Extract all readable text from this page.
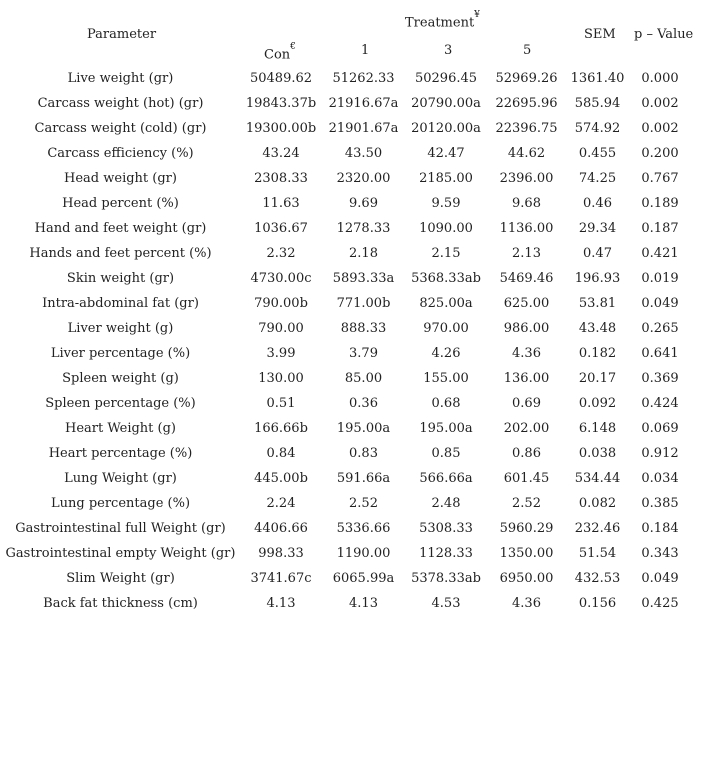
Parameter
Treatment¥
Con€	1	3	5
SEM p – Value
Live weight (gr)	50489.62	51262.33	50296.45	52969.26	1361.40	0.000
Carcass weight (hot) (gr)	19843.37b	21916.67a	20790.00a	22695.96	585.94	0.002
Carcass weight (cold) (gr)	19300.00b	21901.67a	20120.00a	22396.75	574.92	0.002
Carcass efficiency (%)	43.24	43.50	42.47	44.62	0.455	0.200
Head weight (gr)	2308.33	2320.00	2185.00	2396.00	74.25	0.767
Head percent (%)	11.63	9.69	9.59	9.68	0.46	0.189
Hand and feet weight (gr)	1036.67	1278.33	1090.00	1136.00	29.34	0.187
Hands and feet percent (%)	2.32	2.18	2.15	2.13	0.47	0.421
Skin weight (gr)	4730.00c	5893.33a	5368.33ab	5469.46	196.93	0.019
Intra-abdominal fat (gr)	790.00b	771.00b	825.00a	625.00	53.81	0.049
Liver weight (g)	790.00	888.33	970.00	986.00	43.48	0.265
Liver percentage (%)	3.99	3.79	4.26	4.36	0.182	0.641
Spleen weight (g)	130.00	85.00	155.00	136.00	20.17	0.369
Spleen percentage (%)	0.51	0.36	0.68	0.69	0.092	0.424
Heart Weight (g)	166.66b	195.00a	195.00a	202.00	6.148	0.069
Heart percentage (%)	0.84	0.83	0.85	0.86	0.038	0.912
Lung Weight (gr)	445.00b	591.66a	566.66a	601.45	534.44	0.034
Lung percentage (%)	2.24	2.52	2.48	2.52	0.082	0.385
Gastrointestinal full Weight (gr)	4406.66	5336.66	5308.33	5960.29	232.46	0.184
Gastrointestinal empty Weight (gr)	998.33	1190.00	1128.33	1350.00	51.54	0.343
Slim Weight (gr)	3741.67c	6065.99a	5378.33ab	6950.00	432.53	0.049
Back fat thickness (cm)	4.13	4.13	4.53	4.36	0.156	0.425
